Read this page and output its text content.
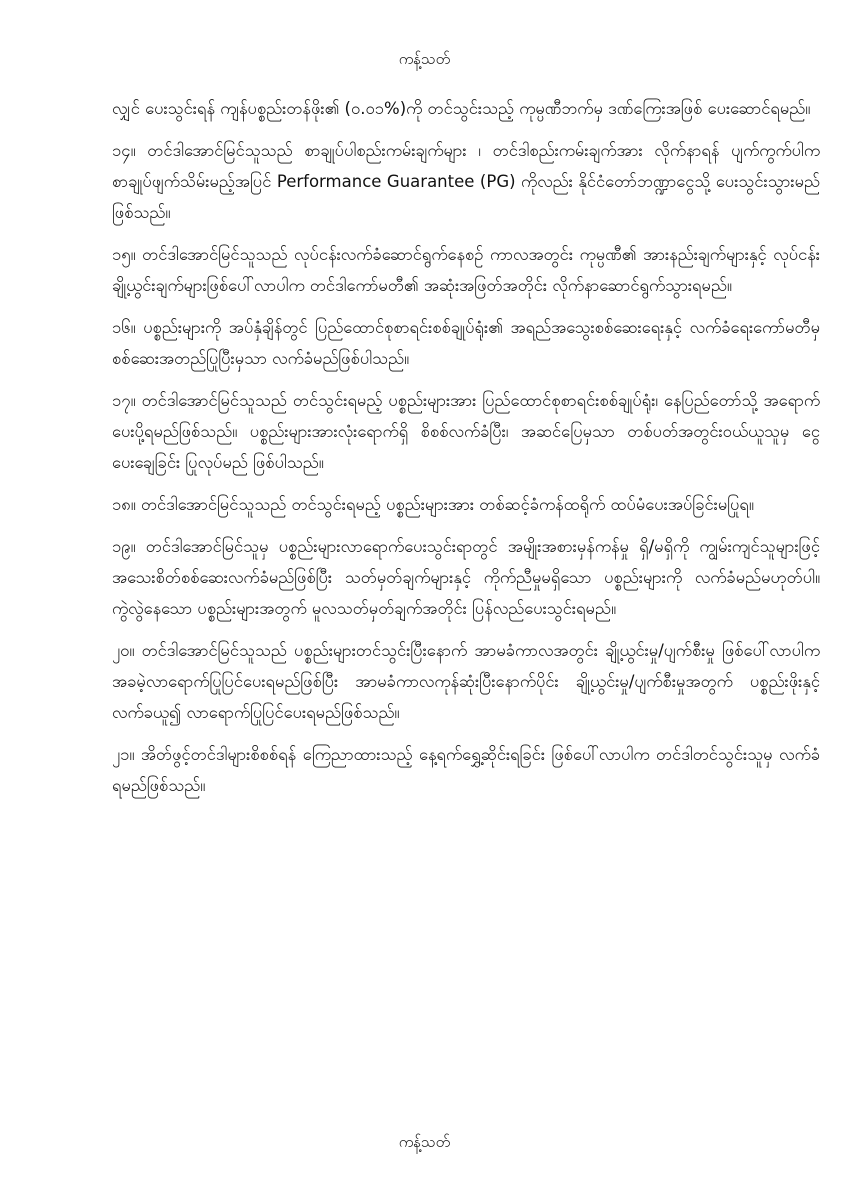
ကန့်သတ်

လျှင် ပေးသွင်းရန် ကျန်ပစ္စည်းတန်ဖိုး၏ (၀.၀၁%)ကို တင်သွင်းသည့် ကုမ္ပဏီဘက်မှ ဒဏ်ကြေးအဖြစ် ပေးဆောင်ရမည်။

၁၄။ တင်ဒါအောင်မြင်သူသည် စာချုပ်ပါစည်းကမ်းချက်များ ၊ တင်ဒါစည်းကမ်းချက်အား လိုက်နာရန် ပျက်ကွက်ပါက စာချုပ်ဖျက်သိမ်းမည့်အပြင် Performance Guarantee (PG) ကိုလည်း နိုင်ငံတော်ဘဏ္ဍာငွေသို့ ပေးသွင်းသွားမည်ဖြစ်သည်။

၁၅။ တင်ဒါအောင်မြင်သူသည် လုပ်ငန်းလက်ခံဆောင်ရွက်နေစဉ် ကာလအတွင်း ကုမ္ပဏီ၏ အားနည်းချက်များနှင့် လုပ်ငန်းချို့ယွင်းချက်များဖြစ်ပေါ်လာပါက တင်ဒါကော်မတီ၏ အဆုံးအဖြတ်အတိုင်း လိုက်နာဆောင်ရွက်သွားရမည်။

၁၆။ ပစ္စည်းများကို အပ်နှံချိန်တွင် ပြည်ထောင်စုစာရင်းစစ်ချုပ်ရုံး၏ အရည်အသွေးစစ်ဆေးရေးနှင့် လက်ခံရေးကော်မတီမှ စစ်ဆေးအတည်ပြုပြီးမှသာ လက်ခံမည်ဖြစ်ပါသည်။

၁၇။ တင်ဒါအောင်မြင်သူသည် တင်သွင်းရမည့် ပစ္စည်းများအား ပြည်ထောင်စုစာရင်းစစ်ချုပ်ရုံး၊ နေပြည်တော်သို့ အရောက်ပေးပို့ရမည်ဖြစ်သည်။ ပစ္စည်းများအားလုံးရောက်ရှိ စိစစ်လက်ခံပြီး၊ အဆင်ပြေမှသာ တစ်ပတ်အတွင်းဝယ်ယူသူမှ ငွေပေးချေခြင်း ပြုလုပ်မည် ဖြစ်ပါသည်။

၁၈။ တင်ဒါအောင်မြင်သူသည် တင်သွင်းရမည့် ပစ္စည်းများအား တစ်ဆင့်ခံကန်ထရိုက် ထပ်မံပေးအပ်ခြင်းမပြုရ။

၁၉။ တင်ဒါအောင်မြင်သူမှ ပစ္စည်းများလာရောက်ပေးသွင်းရာတွင် အမျိုးအစားမှန်ကန်မှု ရှိ/မရှိကို ကျွမ်းကျင်သူများဖြင့် အသေးစိတ်စစ်ဆေးလက်ခံမည်ဖြစ်ပြီး သတ်မှတ်ချက်များနှင့် ကိုက်ညီမှုမရှိသော ပစ္စည်းများကို လက်ခံမည်မဟုတ်ပါ။ ကွဲလွဲနေသော ပစ္စည်းများအတွက် မူလသတ်မှတ်ချက်အတိုင်း ပြန်လည်ပေးသွင်းရမည်။

၂၀။ တင်ဒါအောင်မြင်သူသည် ပစ္စည်းများတင်သွင်းပြီးနောက် အာမခံကာလအတွင်း ချို့ယွင်းမှု/ပျက်စီးမှု ဖြစ်ပေါ်လာပါက အခမဲ့လာရောက်ပြုပြင်ပေးရမည်ဖြစ်ပြီး အာမခံကာလကုန်ဆုံးပြီးနောက်ပိုင်း ချို့ယွင်းမှု/ပျက်စီးမှုအတွက် ပစ္စည်းဖိုးနှင့်လက်ခယူ၍ လာရောက်ပြုပြင်ပေးရမည်ဖြစ်သည်။

၂၁။ အိတ်ဖွင့်တင်ဒါများစိစစ်ရန် ကြေညာထားသည့် နေ့ရက်ရွှေ့ဆိုင်းရခြင်း ဖြစ်ပေါ်လာပါက တင်ဒါတင်သွင်းသူမှ လက်ခံရမည်ဖြစ်သည်။

ကန့်သတ်
